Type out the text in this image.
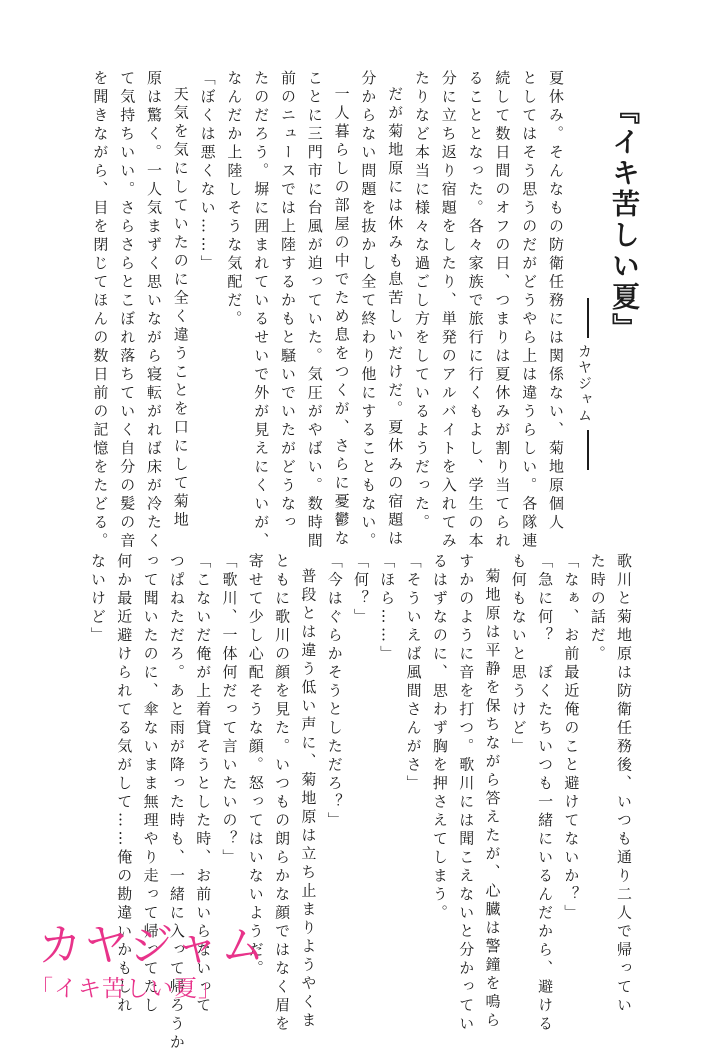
『イキ苦しい夏』
カヤジャム
夏休み。そんなもの防衛任務には関係ない、菊地原個人
としてはそう思うのだがどうやら上は違うらしい。各隊連
続して数日間のオフの日、つまりは夏休みが割り当てられ
ることとなった。各々家族で旅行に行くもよし、学生の本
分に立ち返り宿題をしたり、単発のアルバイトを入れてみ
たりなど本当に様々な過ごし方をしているようだった。
だが菊地原には休みも息苦しいだけだ。夏休みの宿題は
分からない問題を抜かし全て終わり他にすることもない。
一人暮らしの部屋の中でため息をつくが、さらに憂鬱な
ことに三門市に台風が迫っていた。気圧がやばい。数時間
前のニュースでは上陸するかもと騒いでいたがどうなっ
たのだろう。塀に囲まれているせいで外が見えにくいが、
なんだか上陸しそうな気配だ。
「ぼくは悪くない……」
天気を気にしていたのに全く違うことを口にして菊地
原は驚く。一人気まずく思いながら寝転がれば床が冷たく
て気持ちいい。さらさらとこぼれ落ちていく自分の髪の音
を聞きながら、目を閉じてほんの数日前の記憶をたどる。
歌川と菊地原は防衛任務後、いつも通り二人で帰ってい
た時の話だ。
「なぁ、お前最近俺のこと避けてないか？」
「急に何？　ぼくたちいつも一緒にいるんだから、避ける
も何もないと思うけど」
菊地原は平静を保ちながら答えたが、心臓は警鐘を鳴ら
すかのように音を打つ。歌川には聞こえないと分かってい
るはずなのに、思わず胸を押さえてしまう。
「そういえば風間さんがさ」
「ほら……」
「何？」
「今はぐらかそうとしただろ？」
普段とは違う低い声に、菊地原は立ち止まりようやくま
ともに歌川の顔を見た。いつもの朗らかな顔ではなく眉を
寄せて少し心配そうな顔。怒ってはいないようだ。
「歌川、一体何だって言いたいの？」
「こないだ俺が上着貸そうとした時、お前いらないって
つぱねただろ。あと雨が降った時も、一緒に入って帰ろうか
って聞いたのに、傘ないまま無理やり走って帰ってたし
何か最近避けられてる気がして……俺の勘違いかもしれ
ないけど」
カヤジャム
「イキ苦しい夏」
